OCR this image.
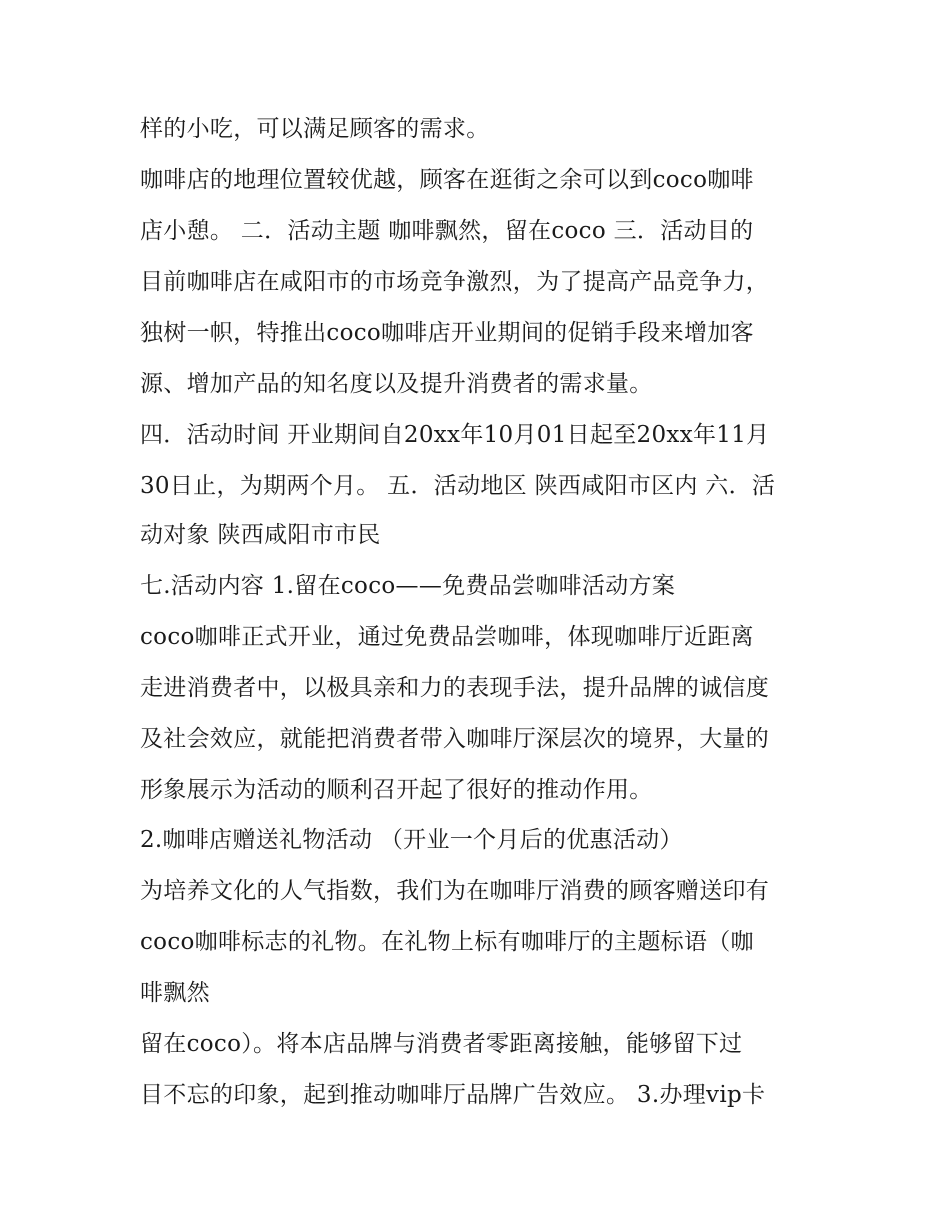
样的小吃，可以满足顾客的需求。
咖啡店的地理位置较优越，顾客在逛街之余可以到coco咖啡
店小憩。 二．活动主题 咖啡飘然，留在coco 三．活动目的
目前咖啡店在咸阳市的市场竞争激烈，为了提高产品竞争力，
独树一帜，特推出coco咖啡店开业期间的促销手段来增加客
源、增加产品的知名度以及提升消费者的需求量。
四．活动时间 开业期间自20xx年10月01日起至20xx年11月
30日止，为期两个月。 五．活动地区 陕西咸阳市区内 六．活
动对象 陕西咸阳市市民
七.活动内容 1.留在coco——免费品尝咖啡活动方案
coco咖啡正式开业，通过免费品尝咖啡，体现咖啡厅近距离
走进消费者中，以极具亲和力的表现手法，提升品牌的诚信度
及社会效应，就能把消费者带入咖啡厅深层次的境界，大量的
形象展示为活动的顺利召开起了很好的推动作用。
2.咖啡店赠送礼物活动 （开业一个月后的优惠活动）
为培养文化的人气指数，我们为在咖啡厅消费的顾客赠送印有
coco咖啡标志的礼物。在礼物上标有咖啡厅的主题标语（咖
啡飘然
留在coco）。将本店品牌与消费者零距离接触，能够留下过
目不忘的印象，起到推动咖啡厅品牌广告效应。 3.办理vip卡
